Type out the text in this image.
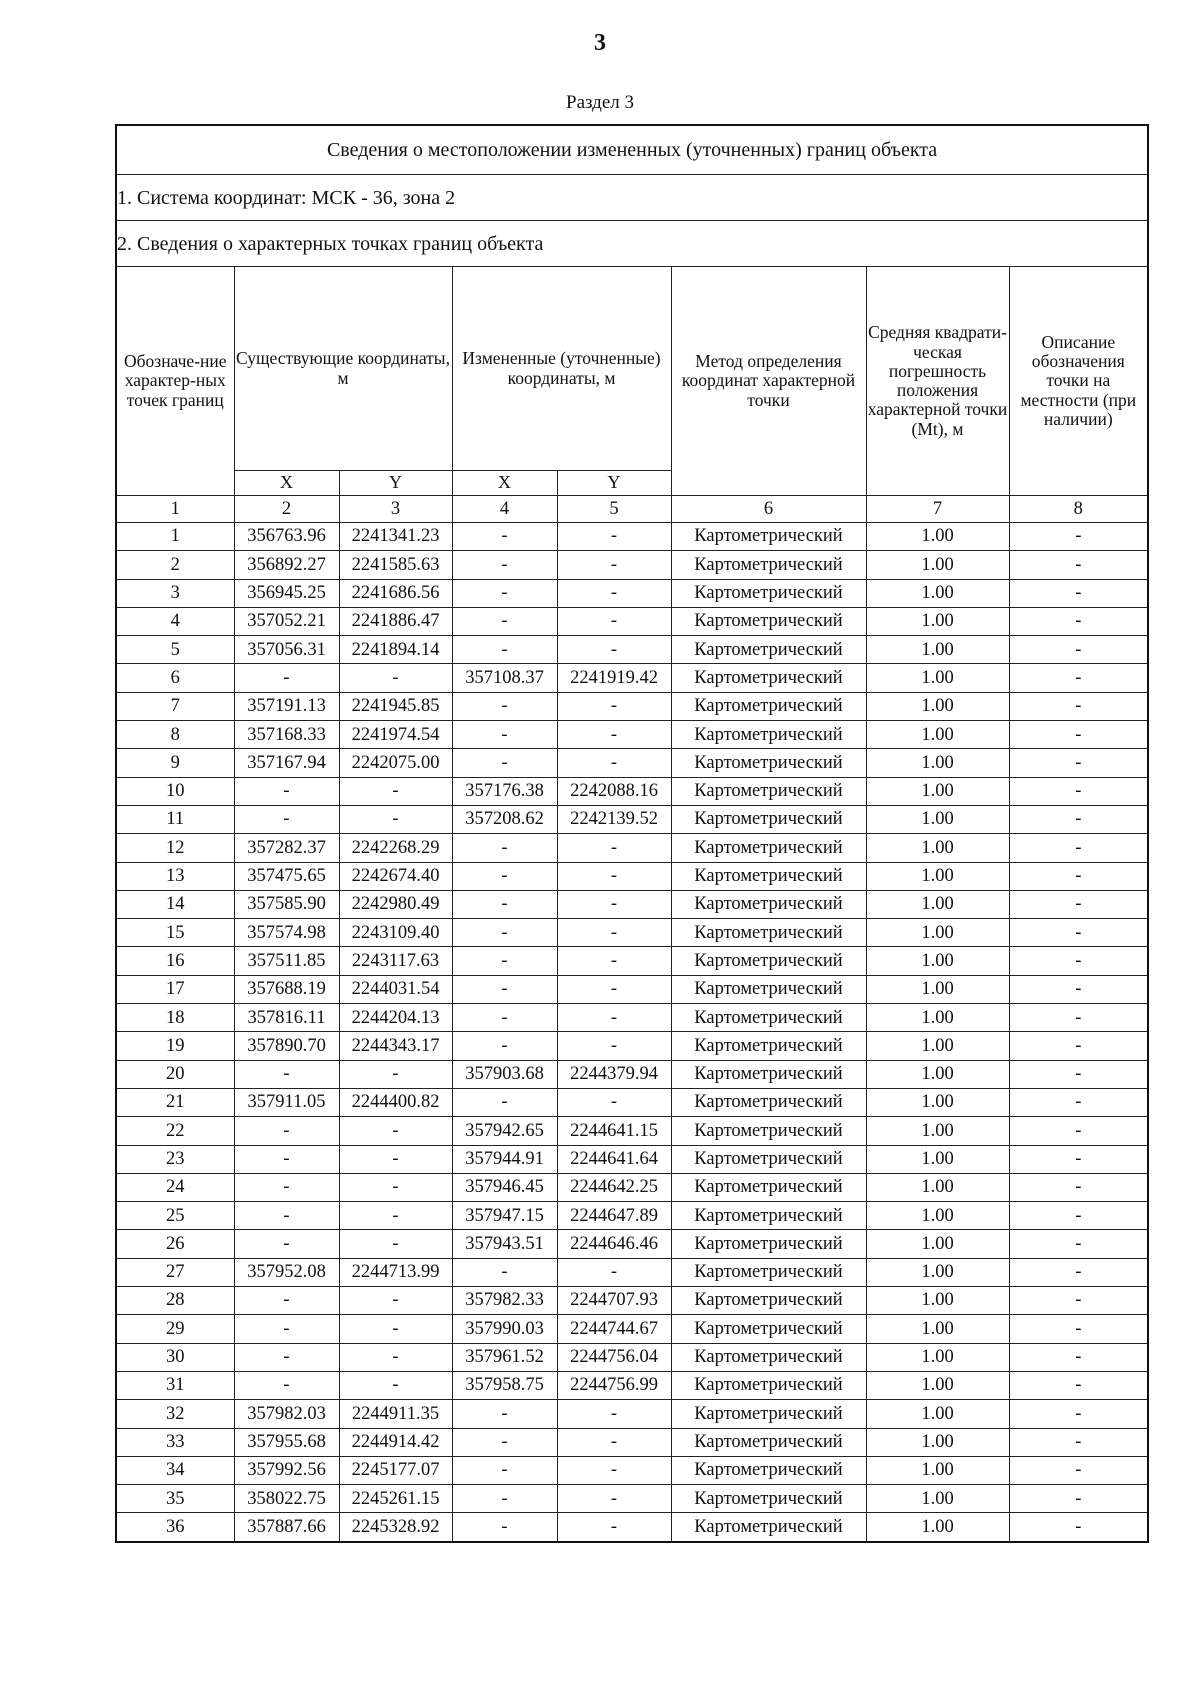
3
Раздел 3
Сведения о местоположении измененных (уточненных) границ объекта							
1. Система координат: МСК - 36, зона 2							
2. Сведения о характерных точках границ объекта							
Обозначе-ние характер-ных точек границ	Существующие координаты, м		Измененные (уточненные) координаты, м		Метод определения координат характерной точки	Средняя квадрати-ческая погрешность положения характерной точки (Mt), м	Описание обозначения точки на местности (при наличии)
	X	Y	X	Y			
1	2	3	4	5	6	7	8
1	356763.96	2241341.23	-	-	Картометрический	1.00	-
2	356892.27	2241585.63	-	-	Картометрический	1.00	-
3	356945.25	2241686.56	-	-	Картометрический	1.00	-
4	357052.21	2241886.47	-	-	Картометрический	1.00	-
5	357056.31	2241894.14	-	-	Картометрический	1.00	-
6	-	-	357108.37	2241919.42	Картометрический	1.00	-
7	357191.13	2241945.85	-	-	Картометрический	1.00	-
8	357168.33	2241974.54	-	-	Картометрический	1.00	-
9	357167.94	2242075.00	-	-	Картометрический	1.00	-
10	-	-	357176.38	2242088.16	Картометрический	1.00	-
11	-	-	357208.62	2242139.52	Картометрический	1.00	-
12	357282.37	2242268.29	-	-	Картометрический	1.00	-
13	357475.65	2242674.40	-	-	Картометрический	1.00	-
14	357585.90	2242980.49	-	-	Картометрический	1.00	-
15	357574.98	2243109.40	-	-	Картометрический	1.00	-
16	357511.85	2243117.63	-	-	Картометрический	1.00	-
17	357688.19	2244031.54	-	-	Картометрический	1.00	-
18	357816.11	2244204.13	-	-	Картометрический	1.00	-
19	357890.70	2244343.17	-	-	Картометрический	1.00	-
20	-	-	357903.68	2244379.94	Картометрический	1.00	-
21	357911.05	2244400.82	-	-	Картометрический	1.00	-
22	-	-	357942.65	2244641.15	Картометрический	1.00	-
23	-	-	357944.91	2244641.64	Картометрический	1.00	-
24	-	-	357946.45	2244642.25	Картометрический	1.00	-
25	-	-	357947.15	2244647.89	Картометрический	1.00	-
26	-	-	357943.51	2244646.46	Картометрический	1.00	-
27	357952.08	2244713.99	-	-	Картометрический	1.00	-
28	-	-	357982.33	2244707.93	Картометрический	1.00	-
29	-	-	357990.03	2244744.67	Картометрический	1.00	-
30	-	-	357961.52	2244756.04	Картометрический	1.00	-
31	-	-	357958.75	2244756.99	Картометрический	1.00	-
32	357982.03	2244911.35	-	-	Картометрический	1.00	-
33	357955.68	2244914.42	-	-	Картометрический	1.00	-
34	357992.56	2245177.07	-	-	Картометрический	1.00	-
35	358022.75	2245261.15	-	-	Картометрический	1.00	-
36	357887.66	2245328.92	-	-	Картометрический	1.00	-
